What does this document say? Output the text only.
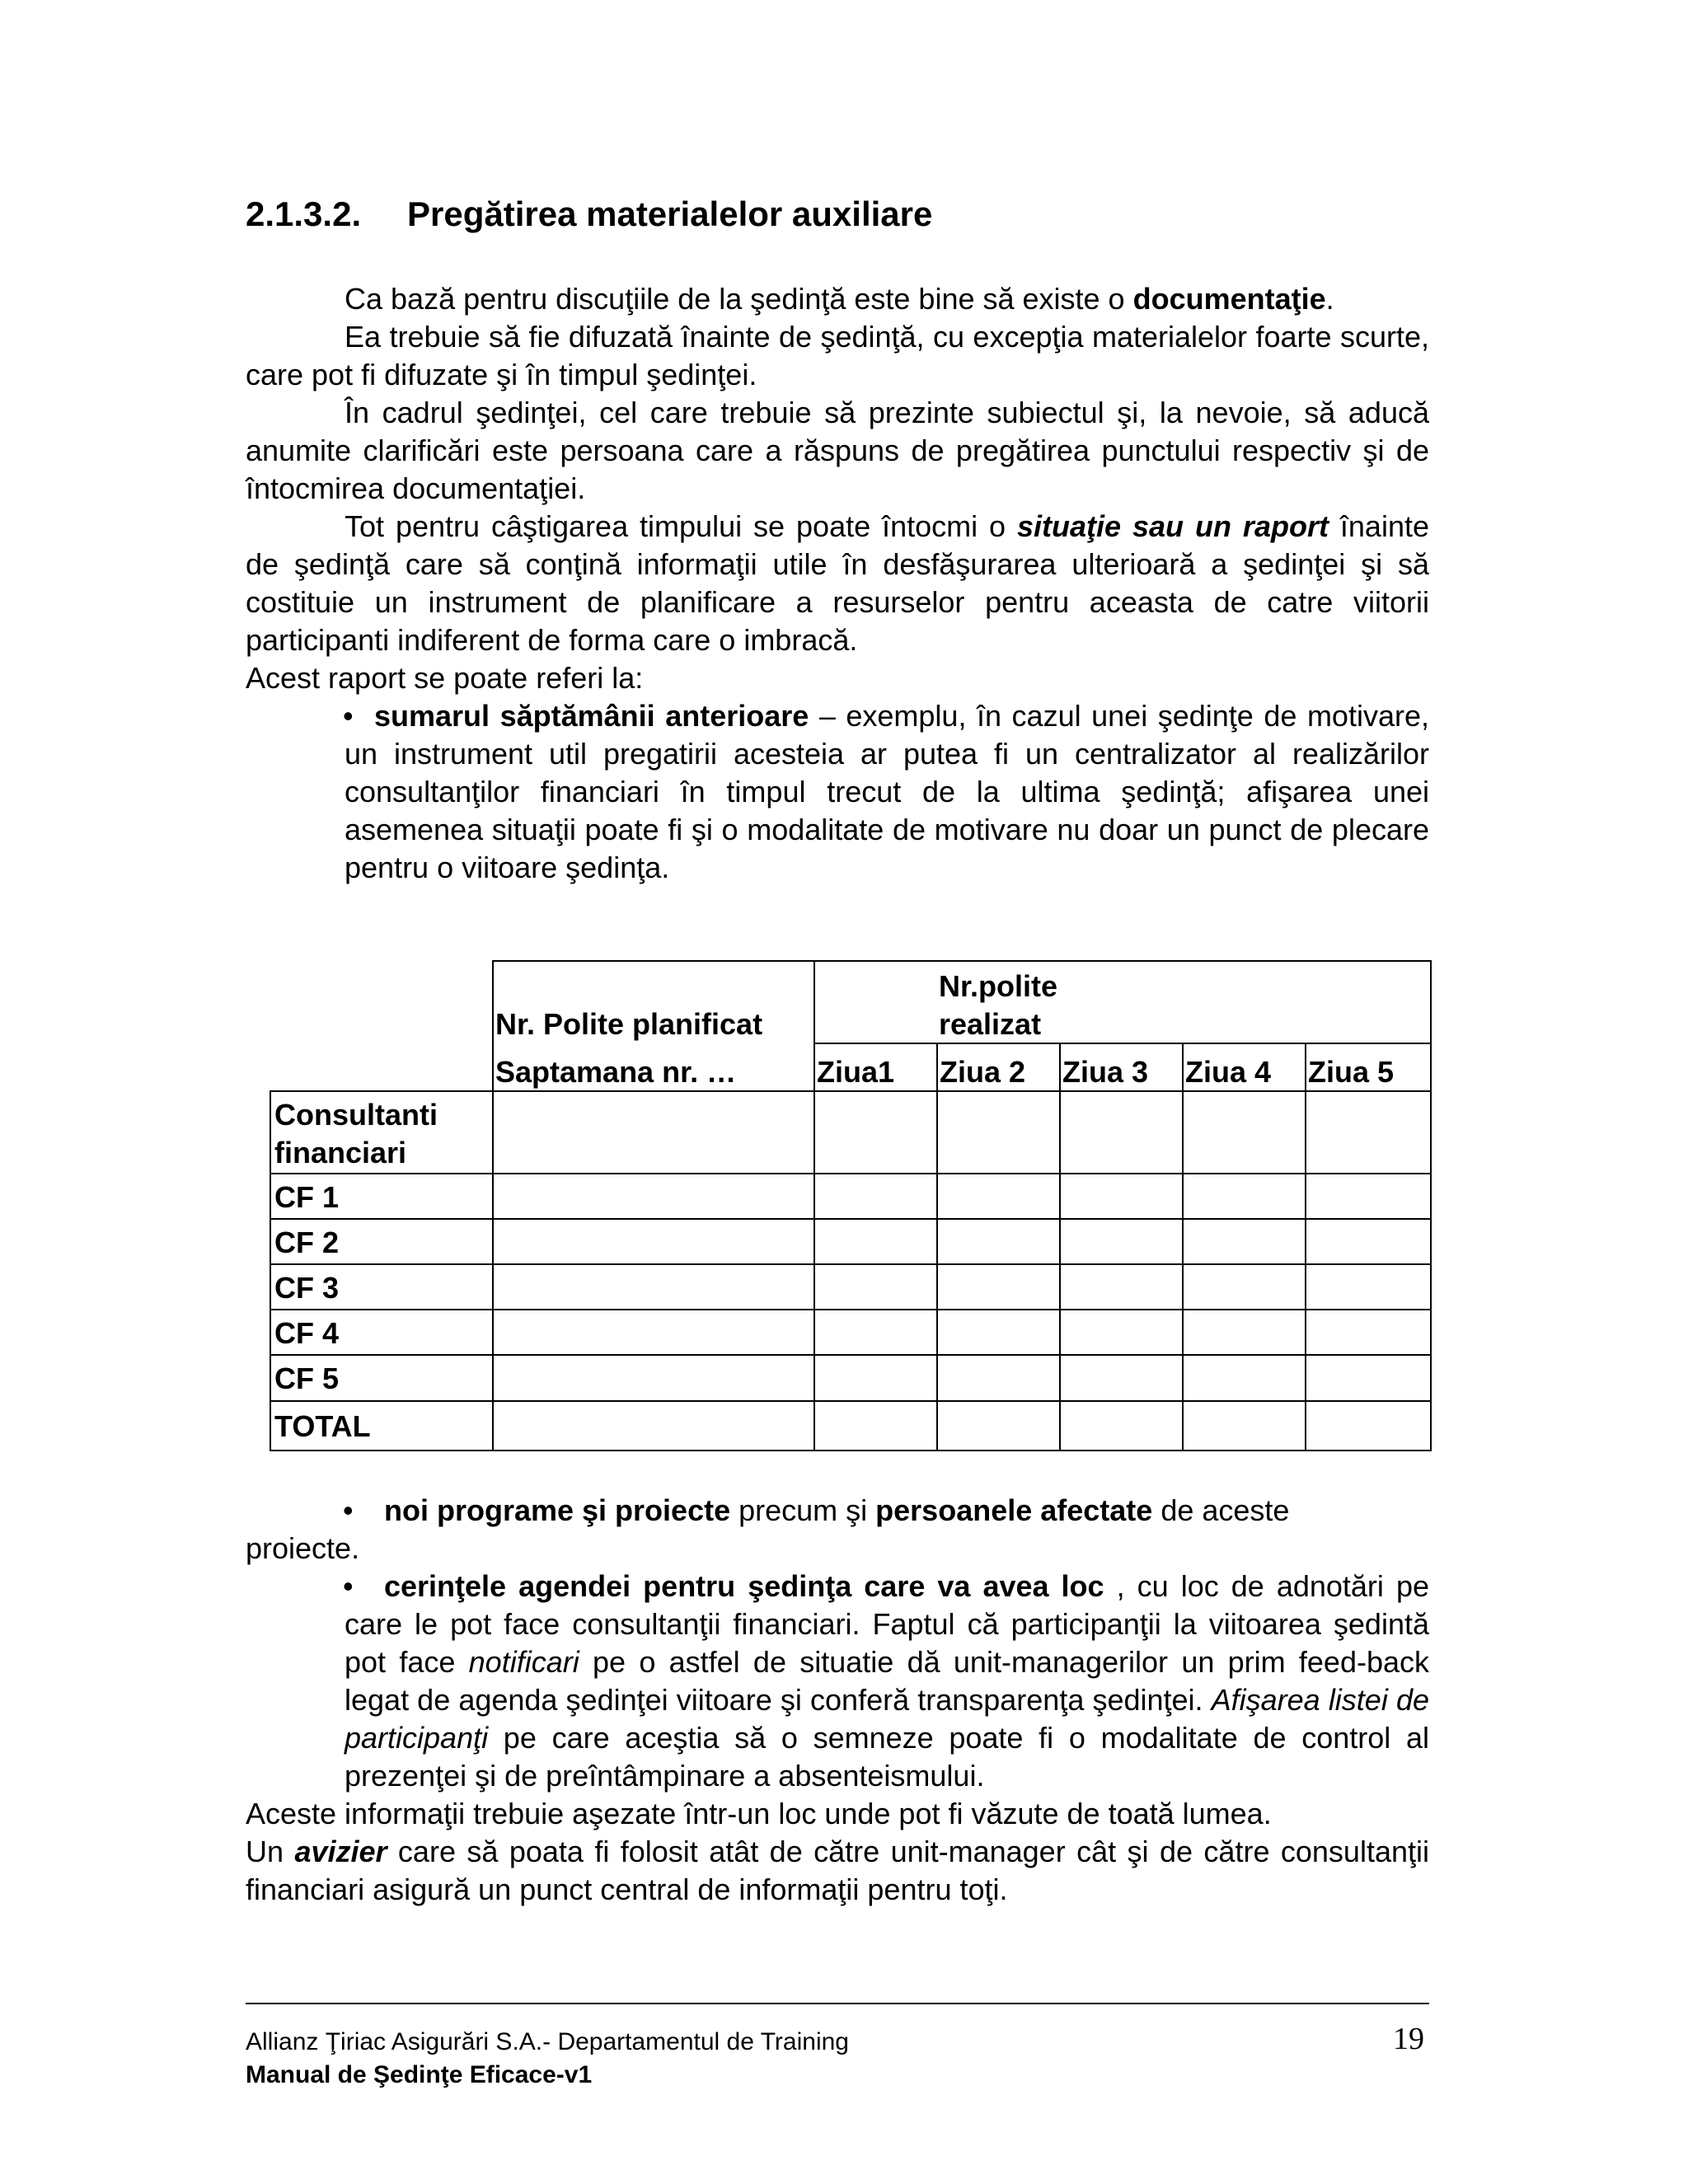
2.1.3.2. Pregătirea materialelor auxiliare

Ca bază pentru discuţiile de la şedinţă este bine să existe o documentaţie.

Ea trebuie să fie difuzată înainte de şedinţă, cu excepţia materialelor foarte scurte, care pot fi difuzate şi în timpul şedinţei.

În cadrul şedinţei, cel care trebuie să prezinte subiectul şi, la nevoie, să aducă anumite clarificări este persoana care a răspuns de pregătirea punctului respectiv şi de întocmirea documentaţiei.

Tot pentru câştigarea timpului se poate întocmi o situaţie sau un raport înainte de şedinţă care să conţină informaţii utile în desfăşurarea ulterioară a şedinţei şi să costituie un instrument de planificare a resurselor pentru aceasta de catre viitorii participanti indiferent de forma care o imbracă.

Acest raport se poate referi la:

• sumarul săptămânii anterioare – exemplu, în cazul unei şedinţe de motivare, un instrument util pregatirii acesteia ar putea fi un centralizator al realizărilor consultanţilor financiari în timpul trecut de la ultima şedinţă; afişarea unei asemenea situaţii poate fi şi o modalitate de motivare nu doar un punct de plecare pentru o viitoare şedinţa.

Nr. Polite planificat
Nr.polite
realizat
Saptamana nr. …	Ziua1 Ziua 2 Ziua 3 Ziua 4 Ziua 5
Consultanti
financiari
CF 1
CF 2
CF 3
CF 4
CF 5
TOTAL

• noi programe şi proiecte precum şi persoanele afectate de aceste

proiecte.

• cerinţele agendei pentru şedinţa care va avea loc , cu loc de adnotări pe care le pot face consultanţii financiari. Faptul că participanţii la viitoarea şedintă pot face notificari pe o astfel de situatie dă unit-managerilor un prim feed-back legat de agenda şedinţei viitoare şi conferă transparenţa şedinţei. Afişarea listei de participanţi pe care aceştia să o semneze poate fi o modalitate de control al prezenţei şi de preîntâmpinare a absenteismului.

Aceste informaţii trebuie aşezate într-un loc unde pot fi văzute de toată lumea.

Un avizier care să poata fi folosit atât de către unit-manager cât şi de către consultanţii financiari asigură un punct central de informaţii pentru toţi.

Allianz Ţiriac Asigurări S.A.- Departamentul de Training
Manual de Şedinţe Eficace-v1
19
